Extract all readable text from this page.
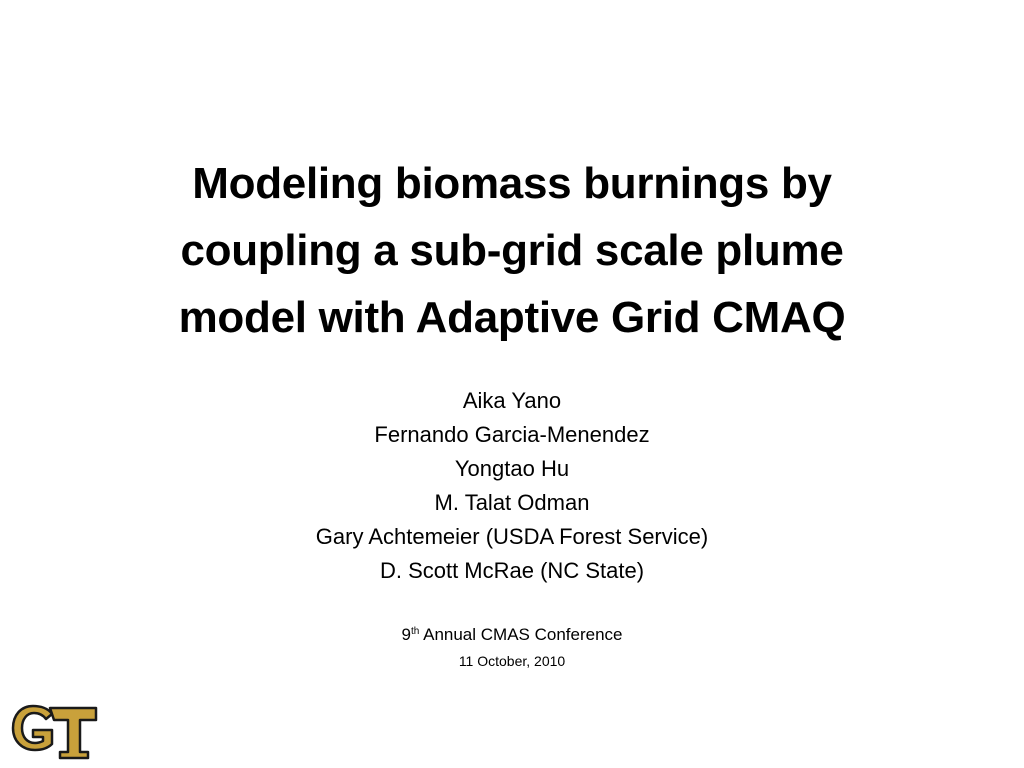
Modeling biomass burnings by
coupling a sub-grid scale plume
model with Adaptive Grid CMAQ
Aika Yano
Fernando Garcia-Menendez
Yongtao Hu
M. Talat Odman
Gary Achtemeier (USDA Forest Service)
D. Scott McRae (NC State)
9th Annual CMAS Conference
11 October, 2010
